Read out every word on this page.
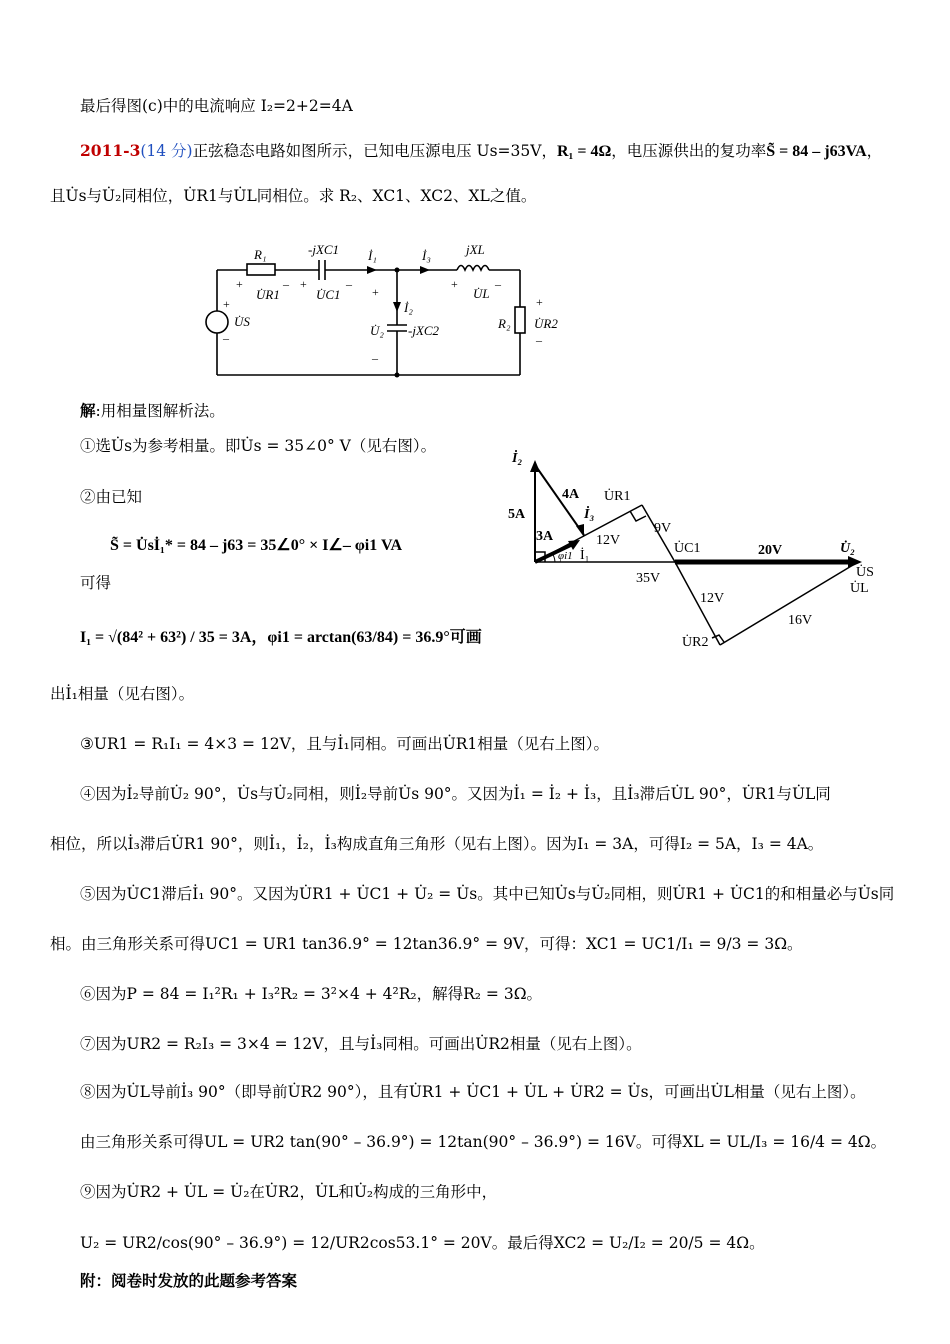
最后得图(c)中的电流响应 I₂=2+2=4A
2011-3(14 分)正弦稳态电路如图所示，已知电压源电压 Us=35V，R₁ = 4Ω，电压源供出的复功率S̃ = 84 – j63VA，
且U̇s与U̇₂同相位，U̇R1与U̇L同相位。求 R₂、XC1、XC2、XL之值。
R₁	-jXC1 İ₁	İ₃	jXL
U̇R1	U̇C1	U̇L
U̇S
İ₂
U̇₂ -jXC2	R₂ U̇R2
+	– +	–
+
–
+	–
+
–
+
–
解:用相量图解析法。
①选U̇s为参考相量。即U̇s = 35∠0° V（见右图）。
②由已知
S̃ = U̇sİ₁* = 84 – j63 = 35∠0° × I∠– φi1 VA
可得
I₁ = √(84² + 63²) / 35 = 3A，φi1 = arctan(63/84) = 36.9°可画
出İ₁相量（见右图）。
İ₂
5A
4A
İ₃
3A
φi1 İ₁
U̇R1
12V
9V
U̇C1	20V	U̇₂
U̇S
U̇L
35V
12V
16V
U̇R2
③UR1 = R₁I₁ = 4×3 = 12V，且与İ₁同相。可画出U̇R1相量（见右上图）。
④因为İ₂导前U̇₂ 90°，U̇s与U̇₂同相，则İ₂导前U̇s 90°。又因为İ₁ = İ₂ + İ₃，且İ₃滞后U̇L 90°，U̇R1与U̇L同
相位，所以İ₃滞后U̇R1 90°，则İ₁，İ₂，İ₃构成直角三角形（见右上图）。因为I₁ = 3A，可得I₂ = 5A，I₃ = 4A。
⑤因为U̇C1滞后İ₁ 90°。又因为U̇R1 + U̇C1 + U̇₂ = U̇s。其中已知U̇s与U̇₂同相，则U̇R1 + U̇C1的和相量必与U̇s同
相。由三角形关系可得UC1 = UR1 tan36.9° = 12tan36.9° = 9V，可得：XC1 = UC1/I₁ = 9/3 = 3Ω。
⑥因为P = 84 = I₁²R₁ + I₃²R₂ = 3²×4 + 4²R₂，解得R₂ = 3Ω。
⑦因为UR2 = R₂I₃ = 3×4 = 12V，且与İ₃同相。可画出U̇R2相量（见右上图）。
⑧因为U̇L导前İ₃ 90°（即导前U̇R2 90°），且有U̇R1 + U̇C1 + U̇L + U̇R2 = U̇s，可画出U̇L相量（见右上图）。
由三角形关系可得UL = UR2 tan(90° – 36.9°) = 12tan(90° – 36.9°) = 16V。可得XL = UL/I₃ = 16/4 = 4Ω。
⑨因为U̇R2 + U̇L = U̇₂在U̇R2，U̇L和U̇₂构成的三角形中，
U₂ = UR2/cos(90° – 36.9°) = 12/UR2cos53.1° = 20V。最后得XC2 = U₂/I₂ = 20/5 = 4Ω。
附：阅卷时发放的此题参考答案
